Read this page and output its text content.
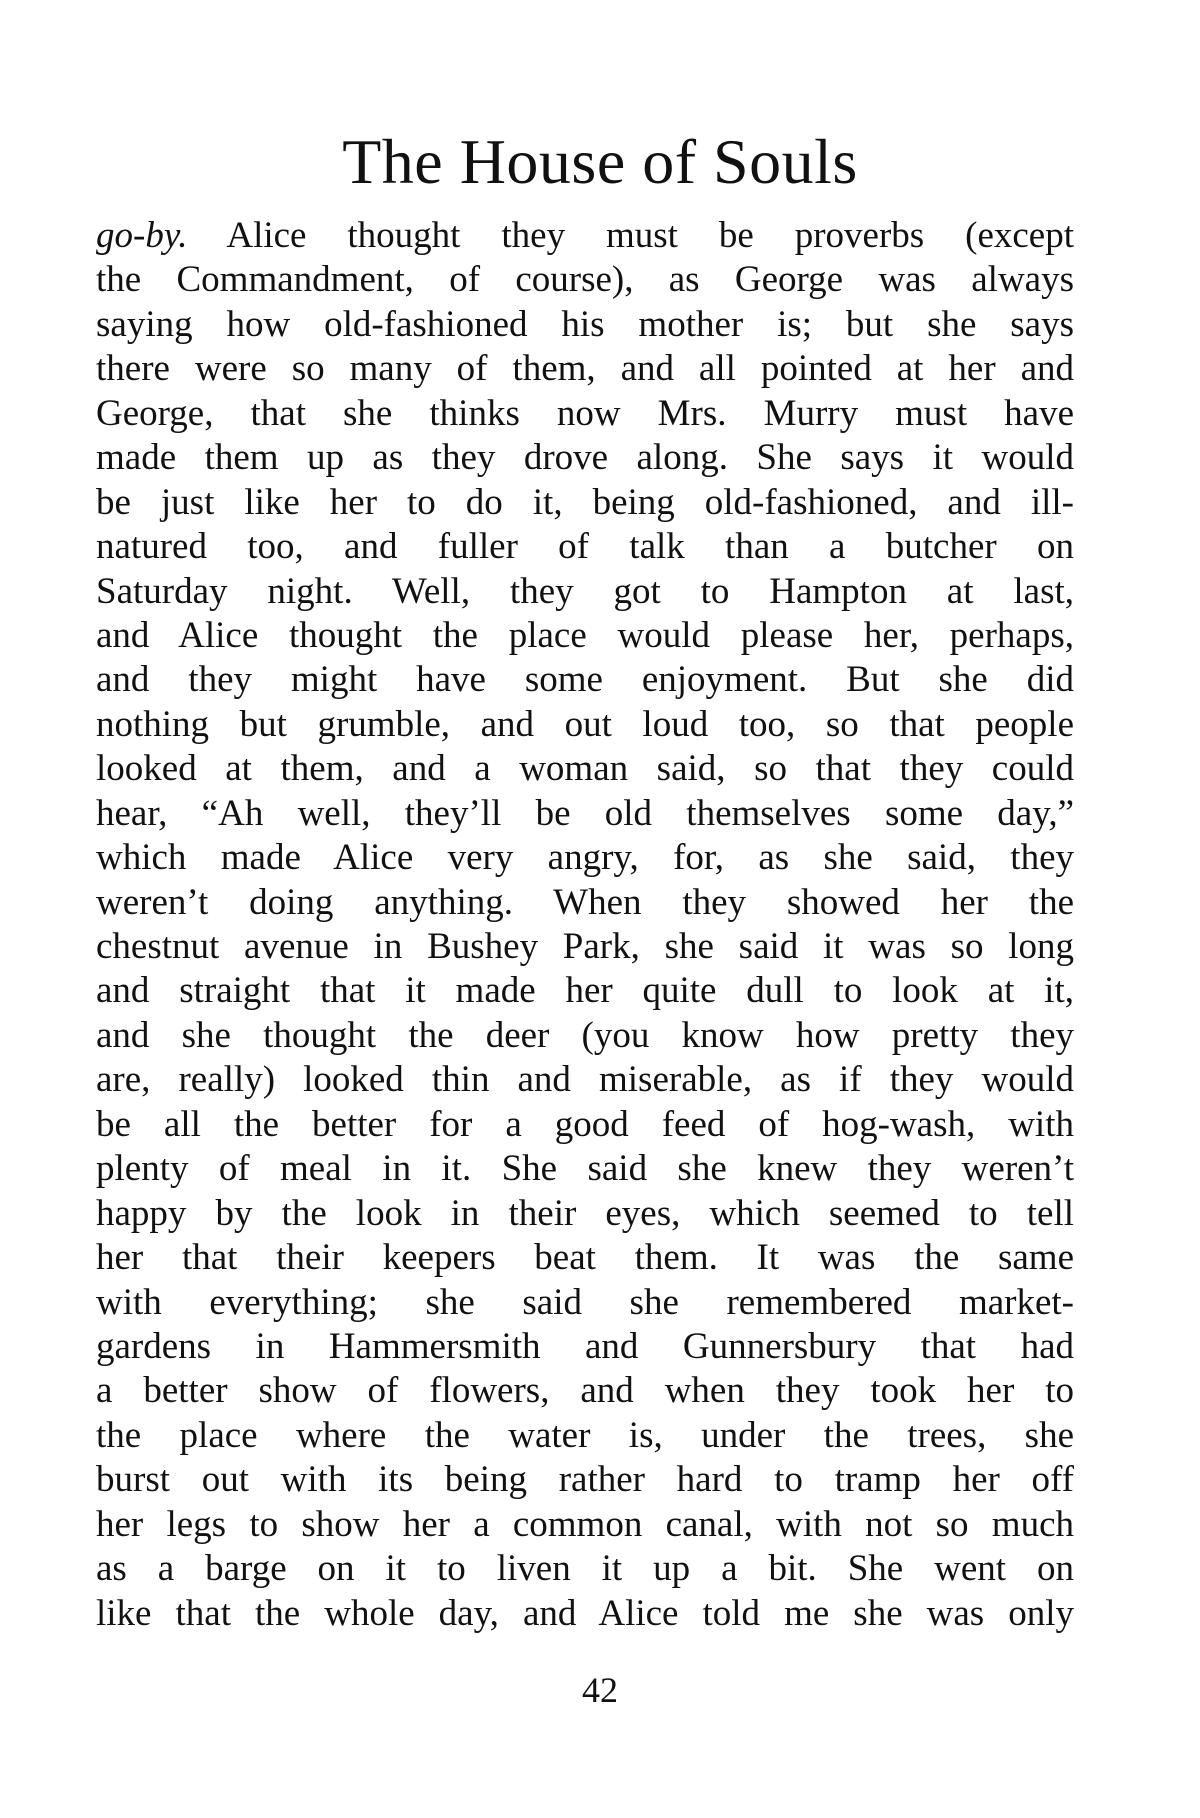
The House of Souls
go-by. Alice thought they must be proverbs (except
the Commandment, of course), as George was always
saying how old-fashioned his mother is; but she says
there were so many of them, and all pointed at her and
George, that she thinks now Mrs. Murry must have
made them up as they drove along. She says it would
be just like her to do it, being old-fashioned, and ill-
natured too, and fuller of talk than a butcher on
Saturday night. Well, they got to Hampton at last,
and Alice thought the place would please her, perhaps,
and they might have some enjoyment. But she did
nothing but grumble, and out loud too, so that people
looked at them, and a woman said, so that they could
hear, “Ah well, they’ll be old themselves some day,”
which made Alice very angry, for, as she said, they
weren’t doing anything. When they showed her the
chestnut avenue in Bushey Park, she said it was so long
and straight that it made her quite dull to look at it,
and she thought the deer (you know how pretty they
are, really) looked thin and miserable, as if they would
be all the better for a good feed of hog-wash, with
plenty of meal in it. She said she knew they weren’t
happy by the look in their eyes, which seemed to tell
her that their keepers beat them. It was the same
with everything; she said she remembered market-
gardens in Hammersmith and Gunnersbury that had
a better show of flowers, and when they took her to
the place where the water is, under the trees, she
burst out with its being rather hard to tramp her off
her legs to show her a common canal, with not so much
as a barge on it to liven it up a bit. She went on
like that the whole day, and Alice told me she was only
42
